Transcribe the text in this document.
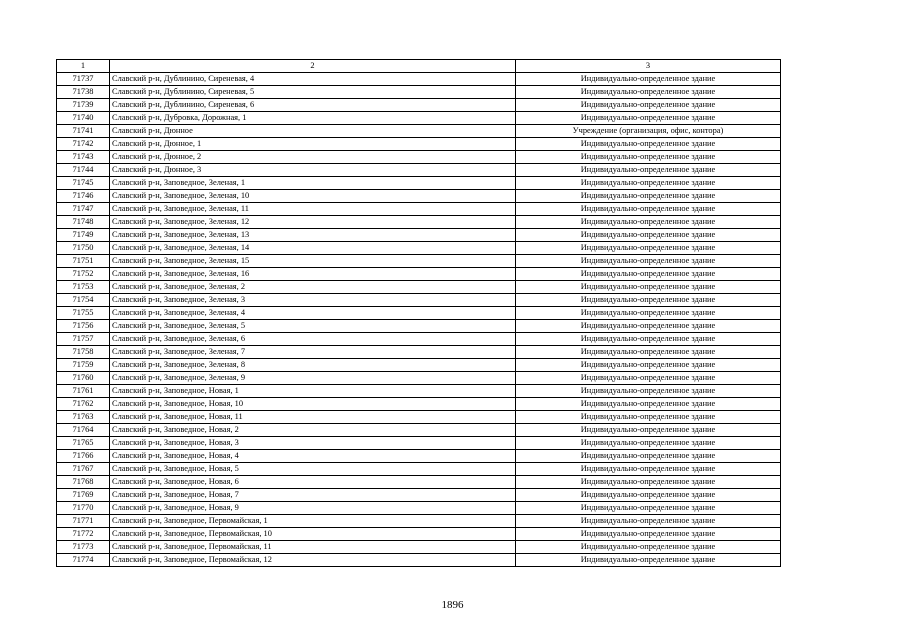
1	2	3
71737	Славский р-н, Дублинино, Сиреневая, 4	Индивидуально-определенное здание
71738	Славский р-н, Дублинино, Сиреневая, 5	Индивидуально-определенное здание
71739	Славский р-н, Дублинино, Сиреневая, 6	Индивидуально-определенное здание
71740	Славский р-н, Дубровка, Дорожная, 1	Индивидуально-определенное здание
71741	Славский р-н, Дюнное	Учреждение (организация, офис, контора)
71742	Славский р-н, Дюнное, 1	Индивидуально-определенное здание
71743	Славский р-н, Дюнное, 2	Индивидуально-определенное здание
71744	Славский р-н, Дюнное, 3	Индивидуально-определенное здание
71745	Славский р-н, Заповедное, Зеленая, 1	Индивидуально-определенное здание
71746	Славский р-н, Заповедное, Зеленая, 10	Индивидуально-определенное здание
71747	Славский р-н, Заповедное, Зеленая, 11	Индивидуально-определенное здание
71748	Славский р-н, Заповедное, Зеленая, 12	Индивидуально-определенное здание
71749	Славский р-н, Заповедное, Зеленая, 13	Индивидуально-определенное здание
71750	Славский р-н, Заповедное, Зеленая, 14	Индивидуально-определенное здание
71751	Славский р-н, Заповедное, Зеленая, 15	Индивидуально-определенное здание
71752	Славский р-н, Заповедное, Зеленая, 16	Индивидуально-определенное здание
71753	Славский р-н, Заповедное, Зеленая, 2	Индивидуально-определенное здание
71754	Славский р-н, Заповедное, Зеленая, 3	Индивидуально-определенное здание
71755	Славский р-н, Заповедное, Зеленая, 4	Индивидуально-определенное здание
71756	Славский р-н, Заповедное, Зеленая, 5	Индивидуально-определенное здание
71757	Славский р-н, Заповедное, Зеленая, 6	Индивидуально-определенное здание
71758	Славский р-н, Заповедное, Зеленая, 7	Индивидуально-определенное здание
71759	Славский р-н, Заповедное, Зеленая, 8	Индивидуально-определенное здание
71760	Славский р-н, Заповедное, Зеленая, 9	Индивидуально-определенное здание
71761	Славский р-н, Заповедное, Новая, 1	Индивидуально-определенное здание
71762	Славский р-н, Заповедное, Новая, 10	Индивидуально-определенное здание
71763	Славский р-н, Заповедное, Новая, 11	Индивидуально-определенное здание
71764	Славский р-н, Заповедное, Новая, 2	Индивидуально-определенное здание
71765	Славский р-н, Заповедное, Новая, 3	Индивидуально-определенное здание
71766	Славский р-н, Заповедное, Новая, 4	Индивидуально-определенное здание
71767	Славский р-н, Заповедное, Новая, 5	Индивидуально-определенное здание
71768	Славский р-н, Заповедное, Новая, 6	Индивидуально-определенное здание
71769	Славский р-н, Заповедное, Новая, 7	Индивидуально-определенное здание
71770	Славский р-н, Заповедное, Новая, 9	Индивидуально-определенное здание
71771	Славский р-н, Заповедное, Первомайская, 1	Индивидуально-определенное здание
71772	Славский р-н, Заповедное, Первомайская, 10	Индивидуально-определенное здание
71773	Славский р-н, Заповедное, Первомайская, 11	Индивидуально-определенное здание
71774	Славский р-н, Заповедное, Первомайская, 12	Индивидуально-определенное здание
1896
